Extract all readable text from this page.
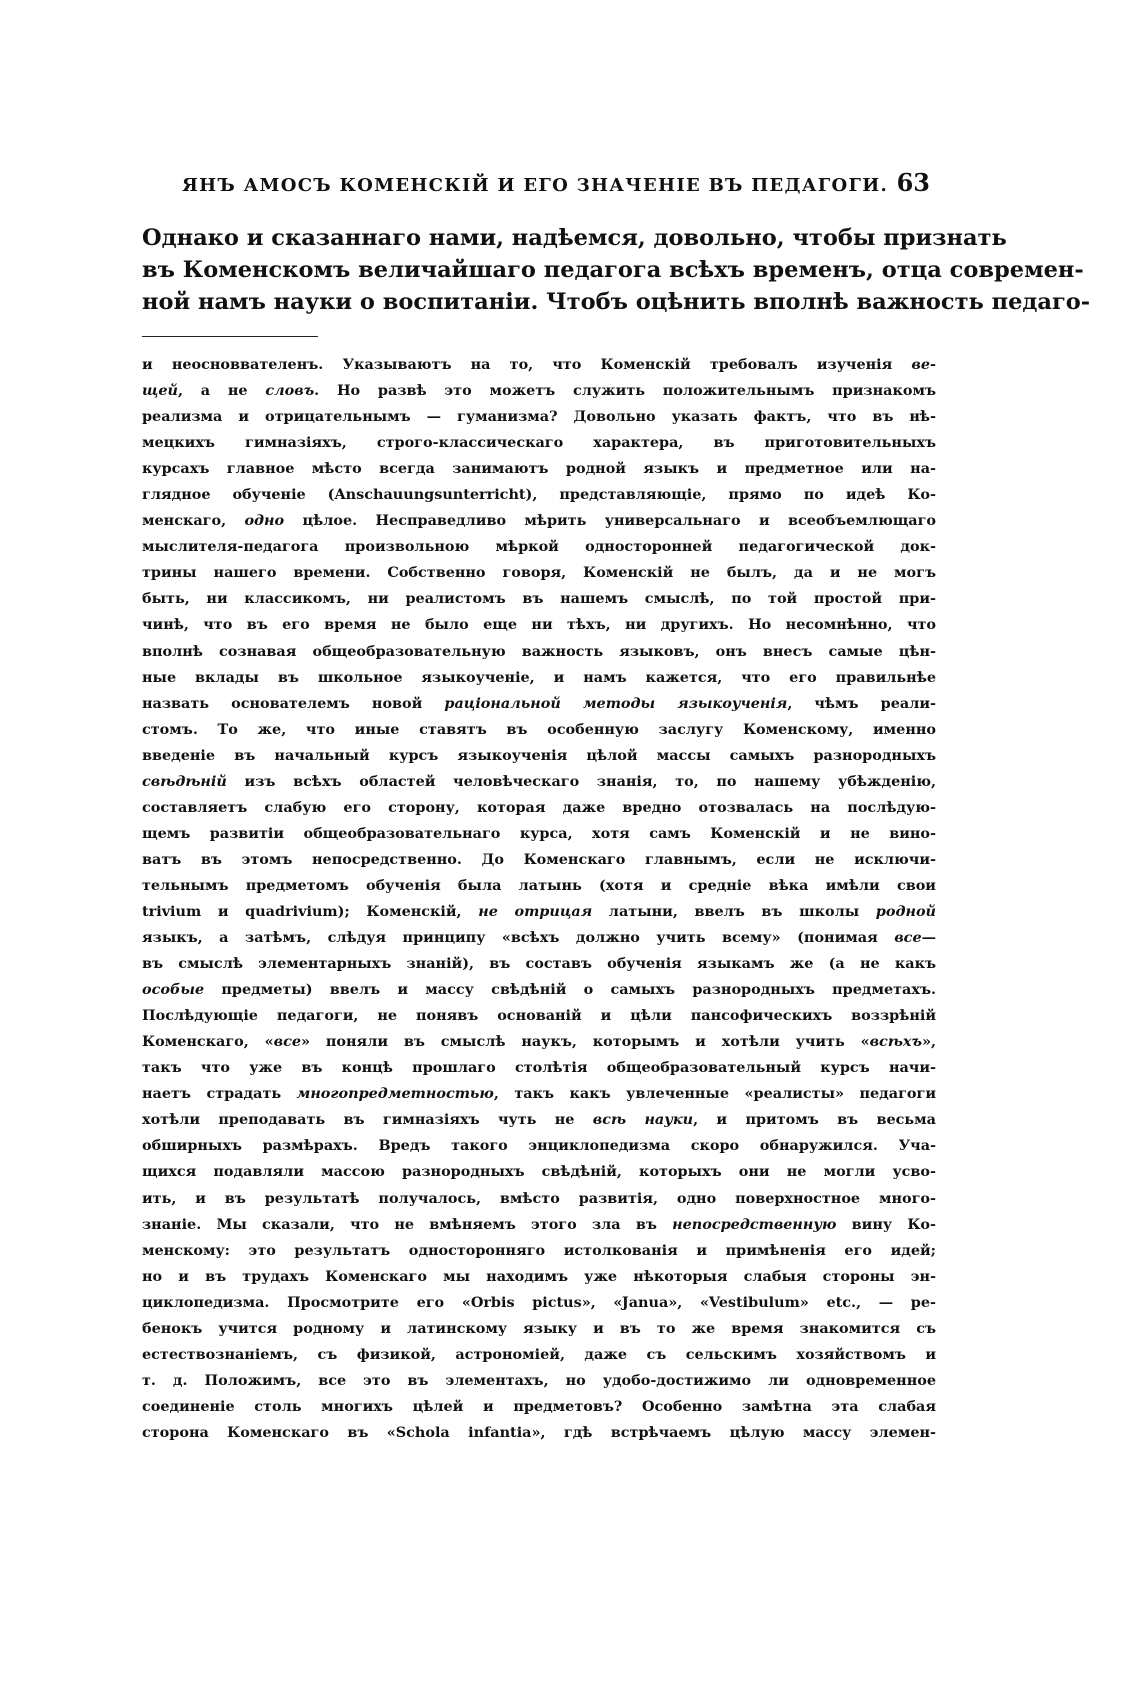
ЯНЪ АМОСЪ КОМЕНСКІЙ И ЕГО ЗНАЧЕНІЕ ВЪ ПЕДАГОГИ. 63
Однако и сказаннаго нами, надѣемся, довольно, чтобы признать
въ Коменскомъ величайшаго педагога всѣхъ временъ, отца современ-
ной намъ науки о воспитаніи. Чтобъ оцѣнить вполнѣ важность педаго-
и неосноввателенъ. Указываютъ на то, что Коменскій требовалъ изученія ве-
щей, а не словъ. Но развѣ это можетъ служить положительнымъ признакомъ
реализма и отрицательнымъ — гуманизма? Довольно указать фактъ, что въ нѣ-
мецкихъ гимназіяхъ, строго-классическаго характера, въ приготовительныхъ
курсахъ главное мѣсто всегда занимаютъ родной языкъ и предметное или на-
глядное обученіе (Anschauungsunterricht), представляющіе, прямо по идеѣ Ко-
менскаго, одно цѣлое. Несправедливо мѣрить универсальнаго и всеобъемлющаго
мыслителя-педагога произвольною мѣркой односторонней педагогической док-
трины нашего времени. Собственно говоря, Коменскій не былъ, да и не могъ
быть, ни классикомъ, ни реалистомъ въ нашемъ смыслѣ, по той простой при-
чинѣ, что въ его время не было еще ни тѣхъ, ни другихъ. Но несомнѣнно, что
вполнѣ сознавая общеобразовательную важность языковъ, онъ внесъ самые цѣн-
ные вклады въ школьное языкоученіе, и намъ кажется, что его правильнѣе
назвать основателемъ новой раціональной методы языкоученія, чѣмъ реали-
стомъ. То же, что иные ставятъ въ особенную заслугу Коменскому, именно
введеніе въ начальный курсъ языкоученія цѣлой массы самыхъ разнородныхъ
свѣдѣній изъ всѣхъ областей человѣческаго знанія, то, по нашему убѣжденію,
составляетъ слабую его сторону, которая даже вредно отозвалась на послѣдую-
щемъ развитіи общеобразовательнаго курса, хотя самъ Коменскій и не вино-
ватъ въ этомъ непосредственно. До Коменскаго главнымъ, если не исключи-
тельнымъ предметомъ обученія была латынь (хотя и средніе вѣка имѣли свои
trivium и quadrivium); Коменскій, не отрицая латыни, ввелъ въ школы родной
языкъ, а затѣмъ, слѣдуя принципу «всѣхъ должно учить всему» (понимая все—
въ смыслѣ элементарныхъ знаній), въ составъ обученія языкамъ же (а не какъ
особые предметы) ввелъ и массу свѣдѣній о самыхъ разнородныхъ предметахъ.
Послѣдующіе педагоги, не понявъ основаній и цѣли пансофическихъ воззрѣній
Коменскаго, «все» поняли въ смыслѣ наукъ, которымъ и хотѣли учить «всѣхъ»,
такъ что уже въ концѣ прошлаго столѣтія общеобразовательный курсъ начи-
наетъ страдать многопредметностью, такъ какъ увлеченные «реалисты» педагоги
хотѣли преподавать въ гимназіяхъ чуть не всѣ науки, и притомъ въ весьма
обширныхъ размѣрахъ. Вредъ такого энциклопедизма скоро обнаружился. Уча-
щихся подавляли массою разнородныхъ свѣдѣній, которыхъ они не могли усво-
ить, и въ результатѣ получалось, вмѣсто развитія, одно поверхностное много-
знаніе. Мы сказали, что не вмѣняемъ этого зла въ непосредственную вину Ко-
менскому: это результатъ односторонняго истолкованія и примѣненія его идей;
но и въ трудахъ Коменскаго мы находимъ уже нѣкоторыя слабыя стороны эн-
циклопедизма. Просмотрите его «Orbis pictus», «Janua», «Vestibulum» etc., — ре-
бенокъ учится родному и латинскому языку и въ то же время знакомится съ
естествознаніемъ, съ физикой, астрономіей, даже съ сельскимъ хозяйствомъ и
т. д. Положимъ, все это въ элементахъ, но удобо-достижимо ли одновременное
соединеніе столь многихъ цѣлей и предметовъ? Особенно замѣтна эта слабая
сторона Коменскаго въ «Schola infantia», гдѣ встрѣчаемъ цѣлую массу элемен-
